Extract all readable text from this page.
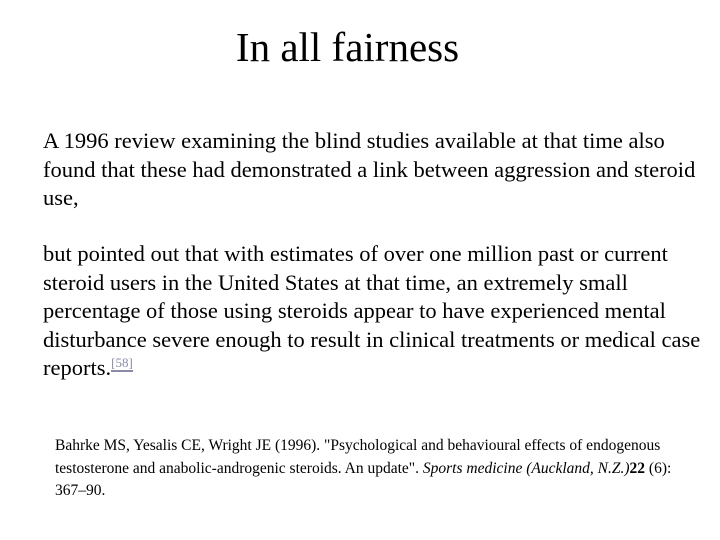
In all fairness
A 1996 review examining the blind studies available at that time also found that these had demonstrated a link between aggression and steroid use,
but pointed out that with estimates of over one million past or current steroid users in the United States at that time, an extremely small percentage of those using steroids appear to have experienced mental disturbance severe enough to result in clinical treatments or medical case reports.[58]
Bahrke MS, Yesalis CE, Wright JE (1996). "Psychological and behavioural effects of endogenous testosterone and anabolic-androgenic steroids. An update". Sports medicine (Auckland, N.Z.)22 (6): 367–90.
